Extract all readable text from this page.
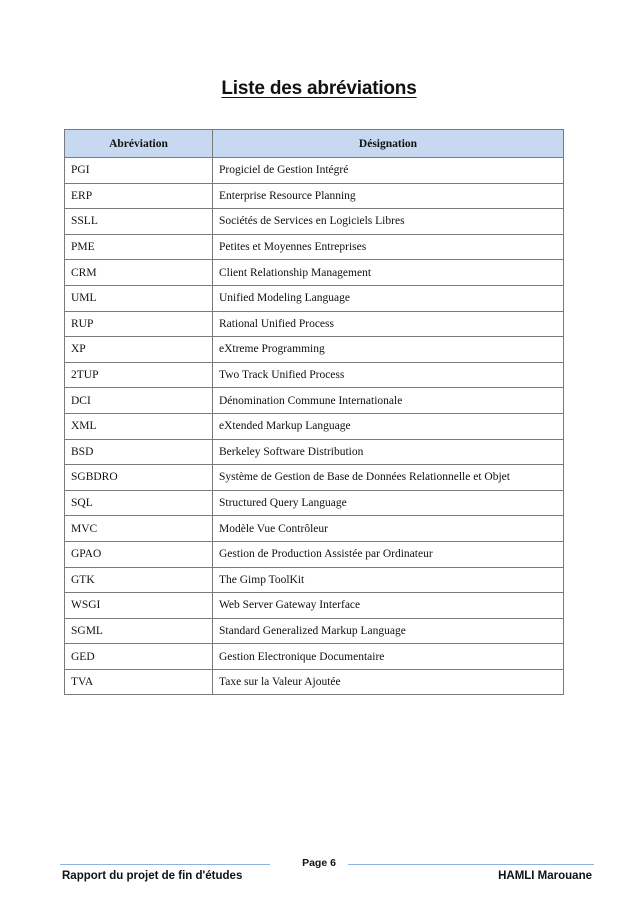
Liste des abréviations
Abréviation	Désignation
PGI	Progiciel de Gestion Intégré
ERP	Enterprise Resource Planning
SSLL	Sociétés de Services en Logiciels Libres
PME	Petites et Moyennes Entreprises
CRM	Client Relationship Management
UML	Unified Modeling Language
RUP	Rational Unified Process
XP	eXtreme Programming
2TUP	Two Track Unified Process
DCI	Dénomination Commune Internationale
XML	eXtended Markup Language
BSD	Berkeley Software Distribution
SGBDRO	Système de Gestion de Base de Données Relationnelle et Objet
SQL	Structured Query Language
MVC	Modèle Vue Contrôleur
GPAO	Gestion de Production Assistée par Ordinateur
GTK	The Gimp ToolKit
WSGI	Web Server Gateway Interface
SGML	Standard Generalized Markup Language
GED	Gestion Electronique Documentaire
TVA	Taxe sur la Valeur Ajoutée
Page 6
Rapport du projet de fin d'études	HAMLI Marouane
